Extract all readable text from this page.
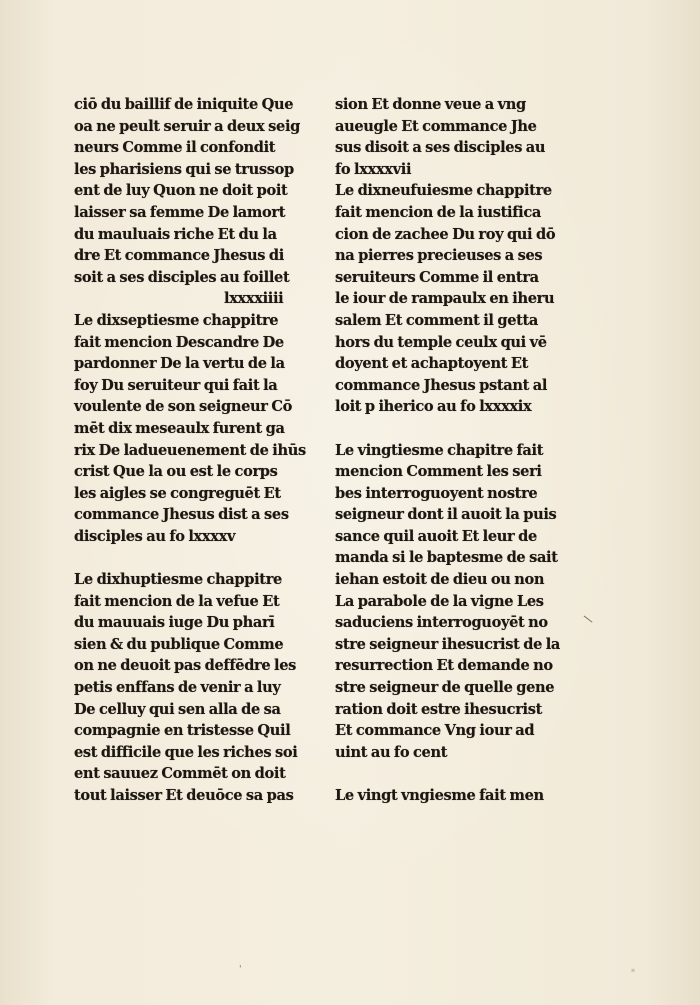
ciō du baillif de iniquite Que
oa ne peult seruir a deux seig
neurs Comme il confondit
les pharisiens qui se trussop
ent de luy Quon ne doit poit
laisser sa femme De lamort
du mauluais riche Et du la
dre Et commance Jhesus di
soit a ses disciples au foillet
lxxxxiiii
Le dixseptiesme chappitre
fait mencion Descandre De
pardonner De la vertu de la
foy Du seruiteur qui fait la
voulente de son seigneur Cō
mēt dix meseaulx furent ga
rix De ladueuenement de ihūs
crist Que la ou est le corps
les aigles se congreguēt Et
commance Jhesus dist a ses
disciples au fo lxxxxv
Le dixhuptiesme chappitre
fait mencion de la vefue Et
du mauuais iuge Du pharī
sien & du publique Comme
on ne deuoit pas deffēdre les
petis enffans de venir a luy
De celluy qui sen alla de sa
compagnie en tristesse Quil
est difficile que les riches soi
ent sauuez Commēt on doit
tout laisser Et deuōce sa pas
sion Et donne veue a vng
aueugle Et commance Jhe
sus disoit a ses disciples au
fo lxxxxvii
Le dixneufuiesme chappitre
fait mencion de la iustifica
cion de zachee Du roy qui dō
na pierres precieuses a ses
seruiteurs Comme il entra
le iour de rampaulx en iheru
salem Et comment il getta
hors du temple ceulx qui vē
doyent et achaptoyent Et
commance Jhesus pstant al
loit p iherico au fo lxxxxix
Le vingtiesme chapitre fait
mencion Comment les seri
bes interroguoyent nostre
seigneur dont il auoit la puis
sance quil auoit Et leur de
manda si le baptesme de sait
iehan estoit de dieu ou non
La parabole de la vigne Les
saduciens interroguoyēt no
stre seigneur ihesucrist de la
resurrection Et demande no
stre seigneur de quelle gene
ration doit estre ihesucrist
Et commance Vng iour ad
uint au fo cent
Le vingt vngiesme fait men
\
'	*
